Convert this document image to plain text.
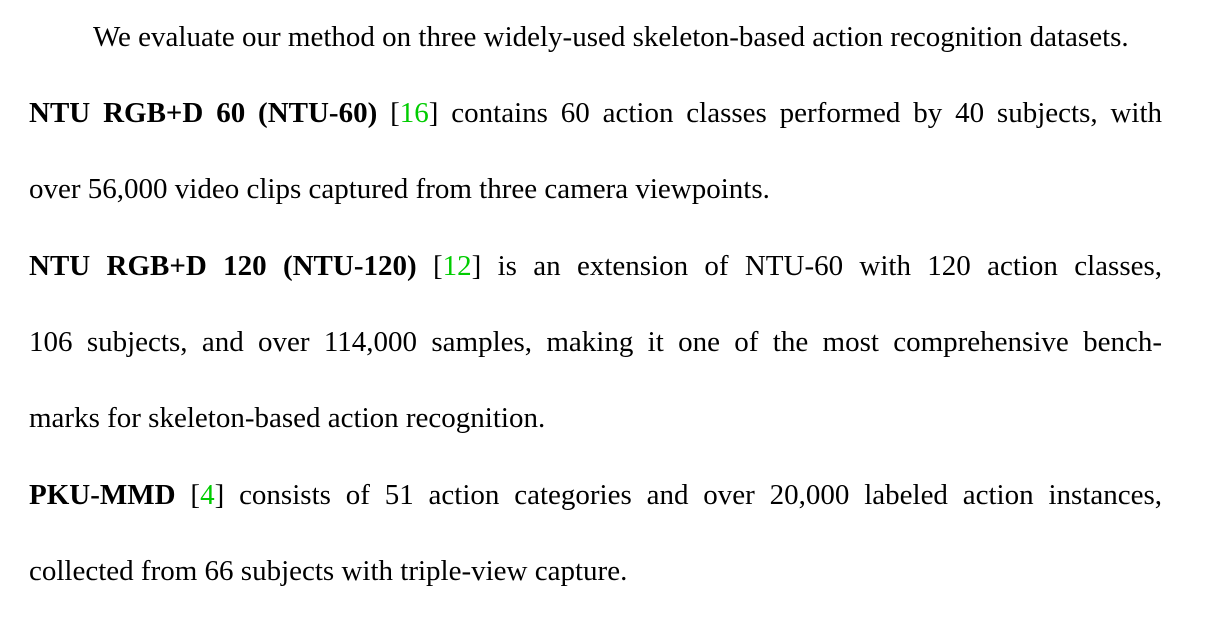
We evaluate our method on three widely-used skeleton-based action recognition datasets.
NTU RGB+D 60 (NTU-60) [16] contains 60 action classes performed by 40 subjects, with
over 56,000 video clips captured from three camera viewpoints.
NTU RGB+D 120 (NTU-120) [12] is an extension of NTU-60 with 120 action classes,
106 subjects, and over 114,000 samples, making it one of the most comprehensive bench-
marks for skeleton-based action recognition.
PKU-MMD [4] consists of 51 action categories and over 20,000 labeled action instances,
collected from 66 subjects with triple-view capture.
